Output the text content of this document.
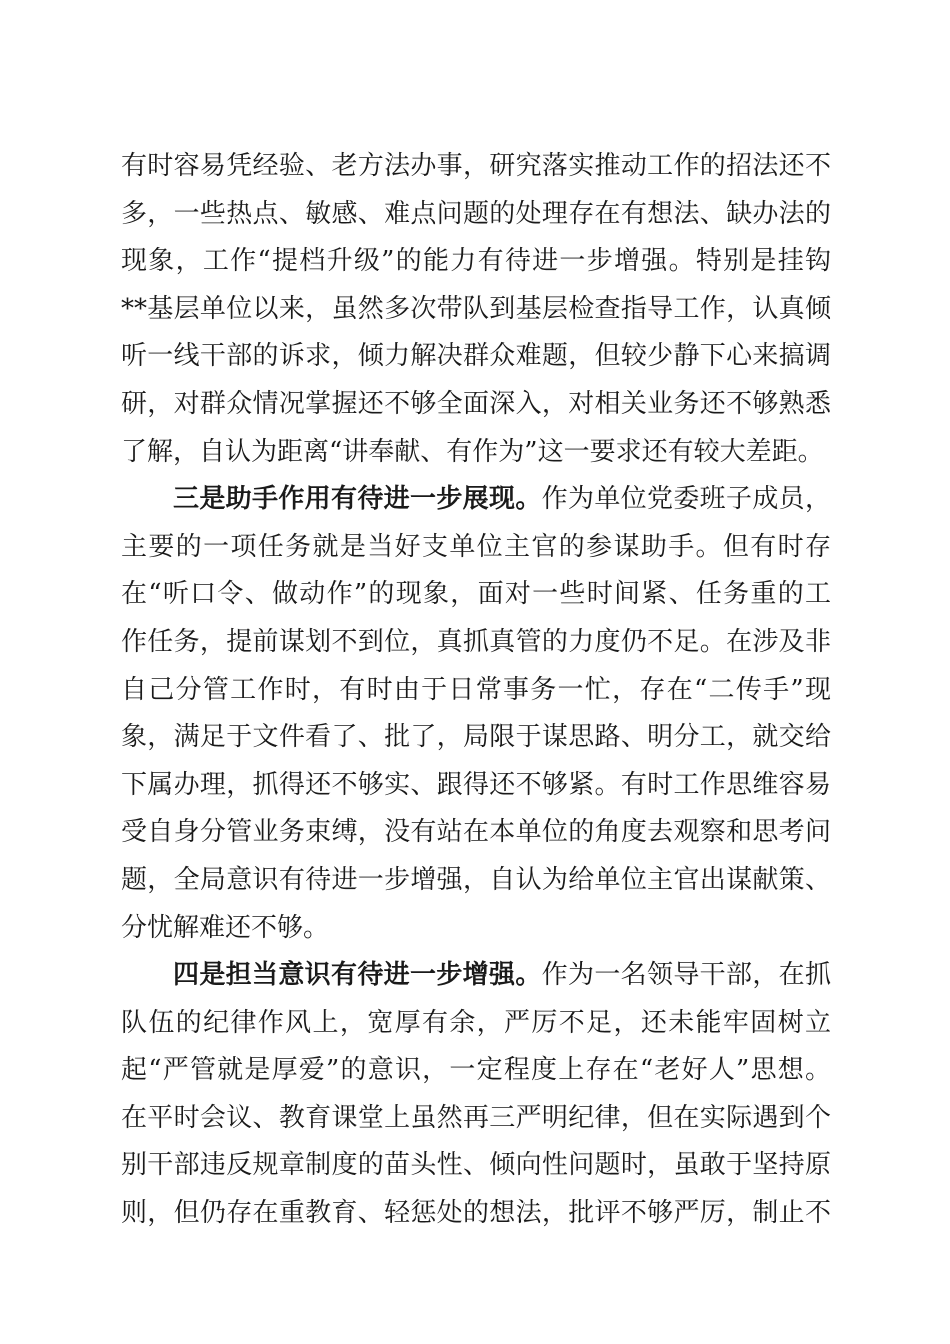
有时容易凭经验、老方法办事，研究落实推动工作的招法还不
多，一些热点、敏感、难点问题的处理存在有想法、缺办法的
现象，工作“提档升级”的能力有待进一步增强。特别是挂钩
**基层单位以来，虽然多次带队到基层检查指导工作，认真倾
听一线干部的诉求，倾力解决群众难题，但较少静下心来搞调
研，对群众情况掌握还不够全面深入，对相关业务还不够熟悉
了解，自认为距离“讲奉献、有作为”这一要求还有较大差距。
三是助手作用有待进一步展现。作为单位党委班子成员，
主要的一项任务就是当好支单位主官的参谋助手。但有时存
在“听口令、做动作”的现象，面对一些时间紧、任务重的工
作任务，提前谋划不到位，真抓真管的力度仍不足。在涉及非
自己分管工作时，有时由于日常事务一忙，存在“二传手”现
象，满足于文件看了、批了，局限于谋思路、明分工，就交给
下属办理，抓得还不够实、跟得还不够紧。有时工作思维容易
受自身分管业务束缚，没有站在本单位的角度去观察和思考问
题，全局意识有待进一步增强，自认为给单位主官出谋献策、
分忧解难还不够。
四是担当意识有待进一步增强。作为一名领导干部，在抓
队伍的纪律作风上，宽厚有余，严厉不足，还未能牢固树立
起“严管就是厚爱”的意识，一定程度上存在“老好人”思想。
在平时会议、教育课堂上虽然再三严明纪律，但在实际遇到个
别干部违反规章制度的苗头性、倾向性问题时，虽敢于坚持原
则，但仍存在重教育、轻惩处的想法，批评不够严厉，制止不
